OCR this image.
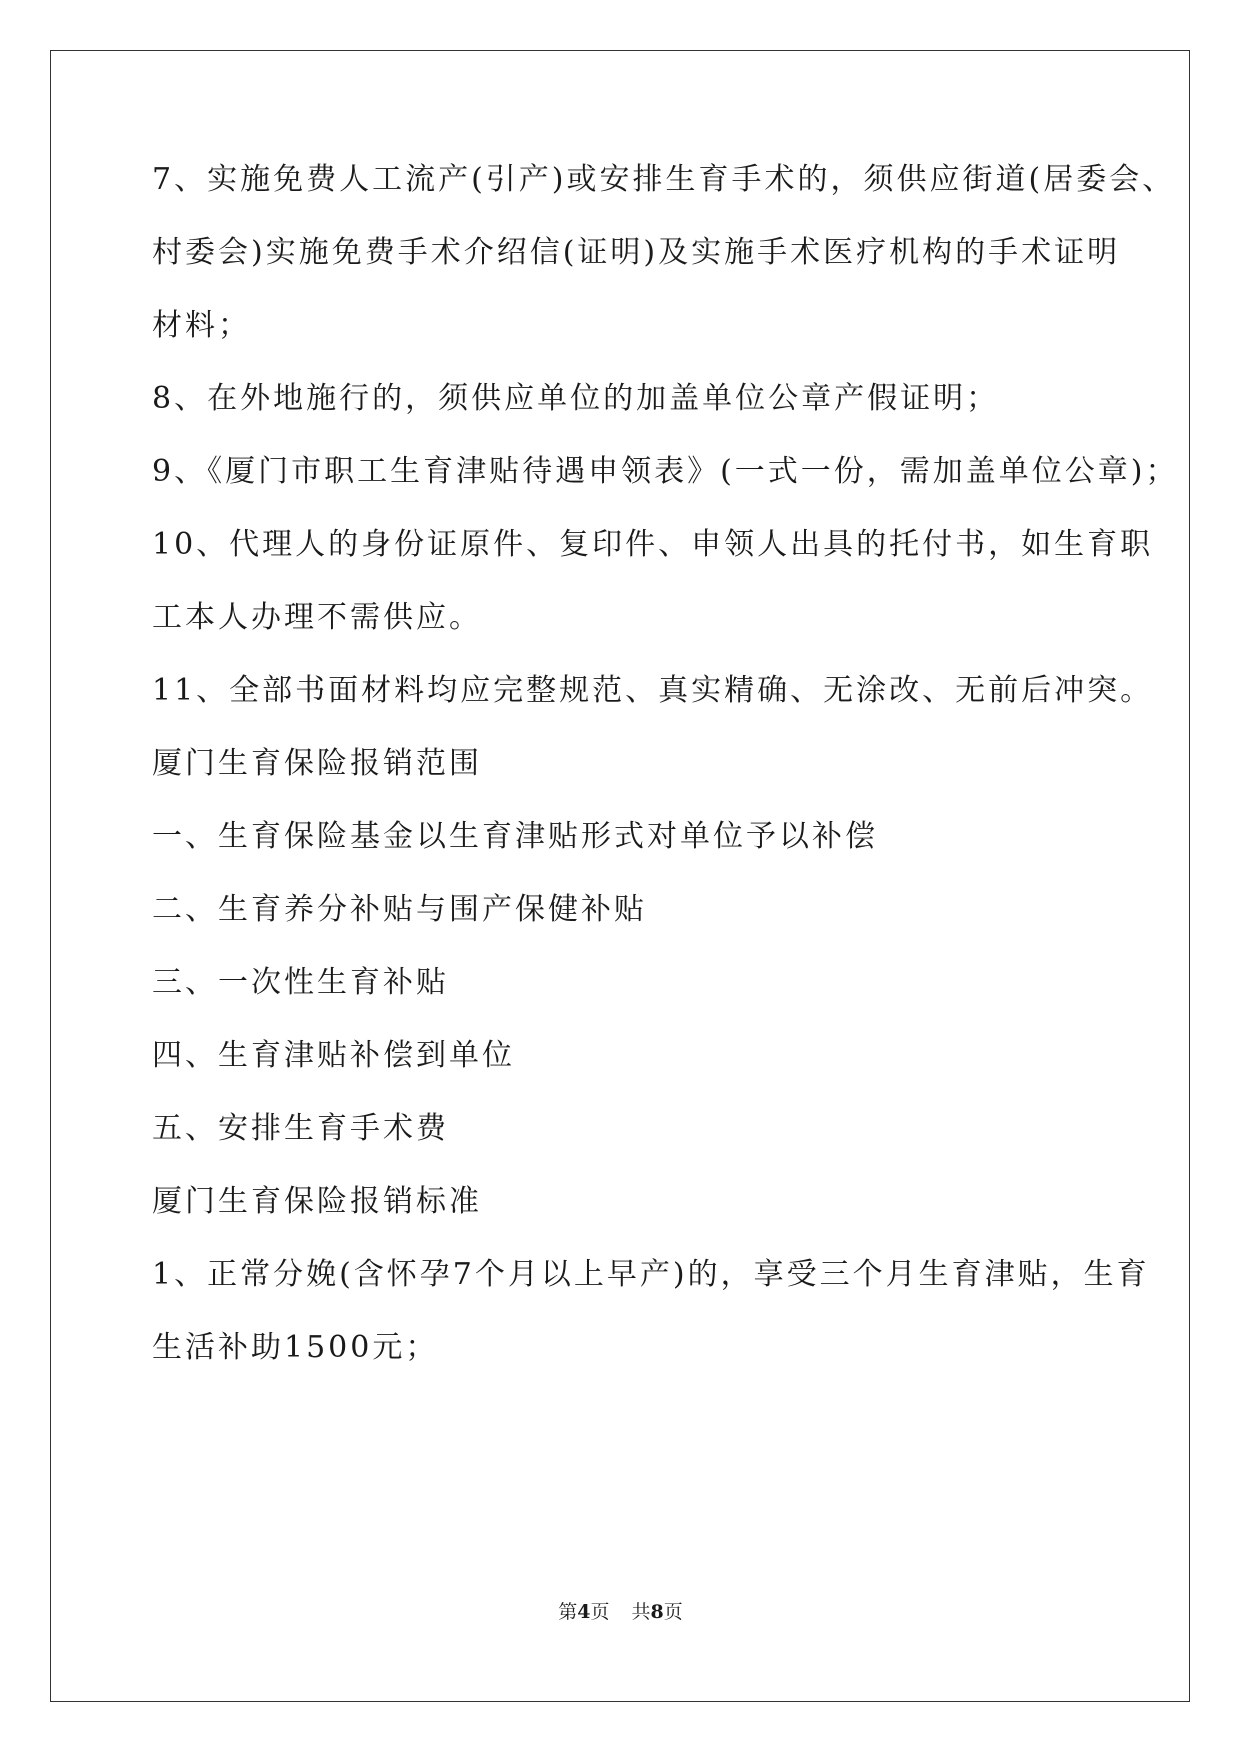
7、实施免费人工流产(引产)或安排生育手术的，须供应街道(居委会、
村委会)实施免费手术介绍信(证明)及实施手术医疗机构的手术证明
材料；
8、在外地施行的，须供应单位的加盖单位公章产假证明；
9、《厦门市职工生育津贴待遇申领表》(一式一份，需加盖单位公章)；
10、代理人的身份证原件、复印件、申领人出具的托付书，如生育职
工本人办理不需供应。
11、全部书面材料均应完整规范、真实精确、无涂改、无前后冲突。
厦门生育保险报销范围
一、生育保险基金以生育津贴形式对单位予以补偿
二、生育养分补贴与围产保健补贴
三、一次性生育补贴
四、生育津贴补偿到单位
五、安排生育手术费
厦门生育保险报销标准
1、正常分娩(含怀孕7个月以上早产)的，享受三个月生育津贴，生育
生活补助1500元；
第4页 共8页
